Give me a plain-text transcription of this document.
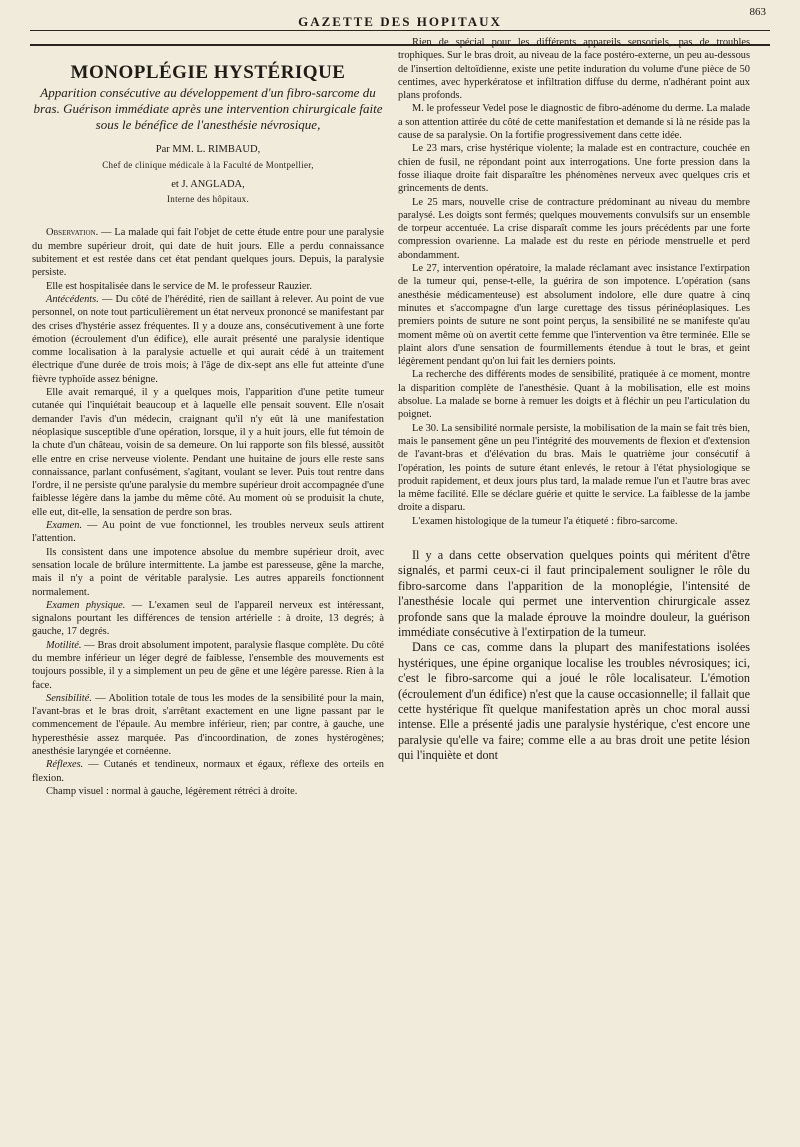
GAZETTE DES HOPITAUX
863
MONOPLÉGIE HYSTÉRIQUE
Apparition consécutive au développement d'un fibro-sarcome du bras. Guérison immédiate après une intervention chirurgicale faite sous le bénéfice de l'anesthésie névrosique,
Par MM. L. RIMBAUD,
Chef de clinique médicale à la Faculté de Montpellier,
et J. ANGLADA,
Interne des hôpitaux.

Observation. — La malade qui fait l'objet de cette étude entre pour une paralysie du membre supérieur droit, qui date de huit jours. Elle a perdu connaissance subitement et est restée dans cet état pendant quelques jours. Depuis, la paralysie persiste.

Elle est hospitalisée dans le service de M. le professeur Rauzier.

Antécédents. — Du côté de l'hérédité, rien de saillant à relever. Au point de vue personnel, on note tout particulièrement un état nerveux prononcé se manifestant par des crises d'hystérie assez fréquentes. Il y a douze ans, consécutivement à une forte émotion (écroulement d'un édifice), elle aurait présenté une paralysie identique comme localisation à la paralysie actuelle et qui aurait cédé à un traitement électrique d'une durée de trois mois; à l'âge de dix-sept ans elle fut atteinte d'une fièvre typhoïde assez bénigne.

Elle avait remarqué, il y a quelques mois, l'apparition d'une petite tumeur cutanée qui l'inquiétait beaucoup et à laquelle elle pensait souvent. Elle n'osait demander l'avis d'un médecin, craignant qu'il n'y eût là une manifestation néoplasique susceptible d'une opération, lorsque, il y a huit jours, elle fut témoin de la chute d'un château, voisin de sa demeure. On lui rapporte son fils blessé, aussitôt elle entre en crise nerveuse violente. Pendant une huitaine de jours elle reste sans connaissance, parlant confusément, s'agitant, voulant se lever. Puis tout rentre dans l'ordre, il ne persiste qu'une paralysie du membre supérieur droit accompagnée d'une faiblesse légère dans la jambe du même côté. Au moment où se produisit la chute, elle eut, dit-elle, la sensation de perdre son bras.

Examen. — Au point de vue fonctionnel, les troubles nerveux seuls attirent l'attention.

Ils consistent dans une impotence absolue du membre supérieur droit, avec sensation locale de brûlure intermittente. La jambe est paresseuse, gêne la marche, mais il n'y a point de véritable paralysie. Les autres appareils fonctionnent normalement.

Examen physique. — L'examen seul de l'appareil nerveux est intéressant, signalons pourtant les différences de tension artérielle : à droite, 13 degrés; à gauche, 17 degrés.

Motilité. — Bras droit absolument impotent, paralysie flasque complète. Du côté du membre inférieur un léger degré de faiblesse, l'ensemble des mouvements est toujours possible, il y a simplement un peu de gêne et une légère paresse. Rien à la face.

Sensibilité. — Abolition totale de tous les modes de la sensibilité pour la main, l'avant-bras et le bras droit, s'arrêtant exactement en une ligne passant par le commencement de l'épaule. Au membre inférieur, rien; par contre, à gauche, une hyperesthésie assez marquée. Pas d'incoordination, de zones hystérogènes; anesthésie laryngée et cornéenne.

Réflexes. — Cutanés et tendineux, normaux et égaux, réflexe des orteils en flexion.

Champ visuel : normal à gauche, légèrement rétréci à droite.

Rien de spécial pour les différents appareils sensoriels, pas de troubles trophiques. Sur le bras droit, au niveau de la face postéro-externe, un peu au-dessous de l'insertion deltoïdienne, existe une petite induration du volume d'une pièce de 50 centimes, avec hyperkératose et infiltration diffuse du derme, n'adhérant point aux plans profonds.

M. le professeur Vedel pose le diagnostic de fibro-adénome du derme. La malade a son attention attirée du côté de cette manifestation et demande si là ne réside pas la cause de sa paralysie. On la fortifie progressivement dans cette idée.

Le 23 mars, crise hystérique violente; la malade est en contracture, couchée en chien de fusil, ne répondant point aux interrogations. Une forte pression dans la fosse iliaque droite fait disparaître les phénomènes nerveux avec quelques cris et grincements de dents.

Le 25 mars, nouvelle crise de contracture prédominant au niveau du membre paralysé. Les doigts sont fermés; quelques mouvements convulsifs sur un ensemble de torpeur accentuée. La crise disparaît comme les jours précédents par une forte compression ovarienne. La malade est du reste en période menstruelle et perd abondamment.

Le 27, intervention opératoire, la malade réclamant avec insistance l'extirpation de la tumeur qui, pense-t-elle, la guérira de son impotence. L'opération (sans anesthésie médicamenteuse) est absolument indolore, elle dure quatre à cinq minutes et s'accompagne d'un large curettage des tissus périnéoplasiques. Les premiers points de suture ne sont point perçus, la sensibilité ne se manifeste qu'au moment même où on avertit cette femme que l'intervention va être terminée. Elle se plaint alors d'une sensation de fourmillements étendue à tout le bras, et geint légèrement pendant qu'on lui fait les derniers points.

La recherche des différents modes de sensibilité, pratiquée à ce moment, montre la disparition complète de l'anesthésie. Quant à la mobilisation, elle est moins absolue. La malade se borne à remuer les doigts et à fléchir un peu l'articulation du poignet.

Le 30. La sensibilité normale persiste, la mobilisation de la main se fait très bien, mais le pansement gêne un peu l'intégrité des mouvements de flexion et d'extension de l'avant-bras et d'élévation du bras. Mais le quatrième jour consécutif à l'opération, les points de suture étant enlevés, le retour à l'état physiologique se produit rapidement, et deux jours plus tard, la malade remue l'un et l'autre bras avec la même facilité. Elle se déclare guérie et quitte le service. La faiblesse de la jambe droite a disparu.

L'examen histologique de la tumeur l'a étiqueté : fibro-sarcome.

Il y a dans cette observation quelques points qui méritent d'être signalés, et parmi ceux-ci il faut principalement souligner le rôle du fibro-sarcome dans l'apparition de la monoplégie, l'intensité de l'anesthésie locale qui permet une intervention chirurgicale assez profonde sans que la malade éprouve la moindre douleur, la guérison immédiate consécutive à l'extirpation de la tumeur.

Dans ce cas, comme dans la plupart des manifestations isolées hystériques, une épine organique localise les troubles névrosiques; ici, c'est le fibro-sarcome qui a joué le rôle localisateur. L'émotion (écroulement d'un édifice) n'est que la cause occasionnelle; il fallait que cette hystérique fît quelque manifestation après un choc moral aussi intense. Elle a présenté jadis une paralysie hystérique, c'est encore une paralysie qu'elle va faire; comme elle a au bras droit une petite lésion qui l'inquiète et dont
